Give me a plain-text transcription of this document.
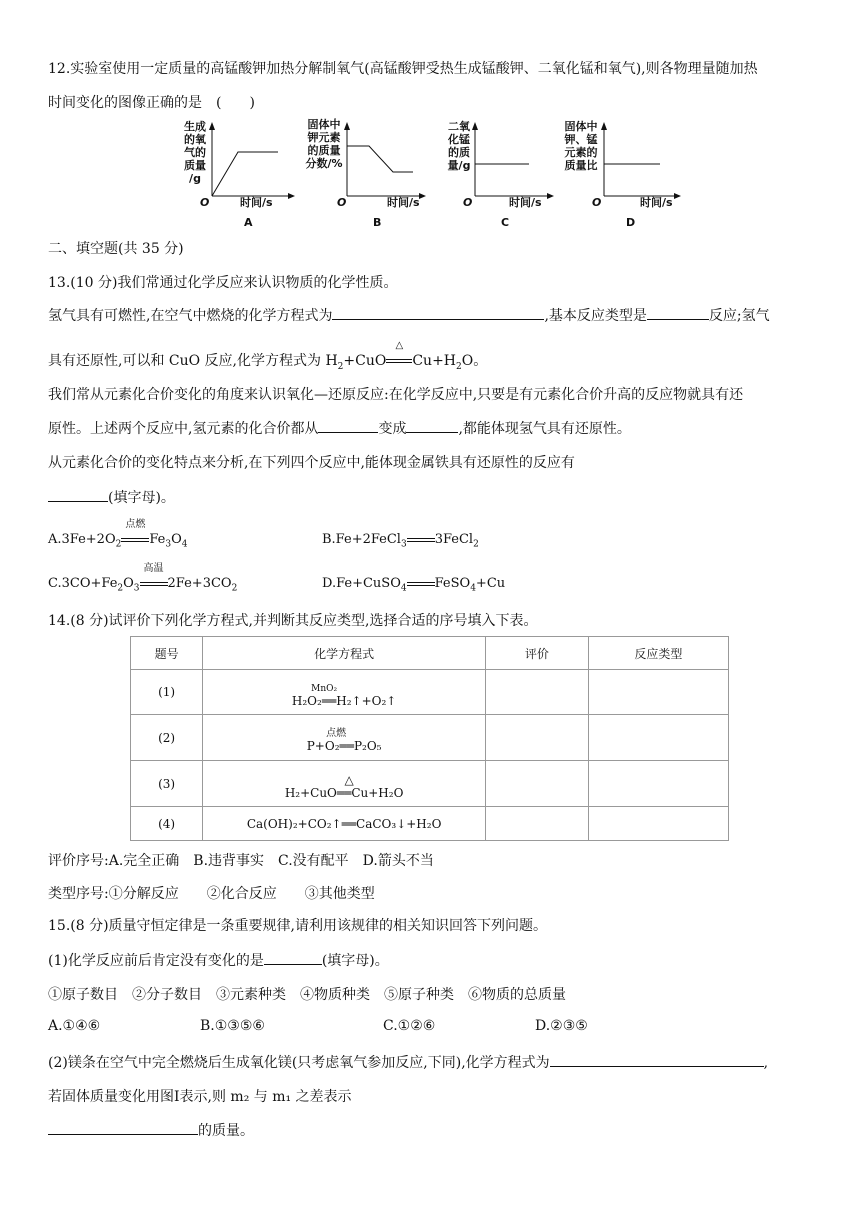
12.实验室使用一定质量的高锰酸钾加热分解制氧气(高锰酸钾受热生成锰酸钾、二氧化锰和氧气),则各物理量随加热
时间变化的图像正确的是　(　　)
生成
的氧
气的
质量
/g
O	时间/s
A
固体中
钾元素
的质量
分数/%
O	时间/s
B
二氧
化锰
的质
量/g
O	时间/s
C
固体中
钾、锰
元素的
质量比
O	时间/s
D
二、填空题(共 35 分)
13.(10 分)我们常通过化学反应来认识物质的化学性质。
氢气具有可燃性,在空气中燃烧的化学方程式为	,基本反应类型是	反应;氢气
具有还原性,可以和 CuO 反应,化学方程式为 $H_2+CuO$
△
$Cu+H_2O$。
我们常从元素化合价变化的角度来认识氧化—还原反应:在化学反应中,只要是有元素化合价升高的反应物就具有还
原性。上述两个反应中,氢元素的化合价都从	变成	,都能体现氢气具有还原性。
从元素化合价的变化特点来分析,在下列四个反应中,能体现金属铁具有还原性的反应有
(填字母)。
$A.3Fe+2O_2$
点燃
$Fe_3O_4$	B.Fe+2FeCl$_3$ 3FeCl$_2$
$C.3CO+Fe_2O_3$
高温
$2Fe+3CO_2$	D.Fe+CuSO$_4$ FeSO$_4$+Cu
14.(8 分)试评价下列化学方程式,并判断其反应类型,选择合适的序号填入下表。
题号	化学方程式	评价	反应类型
(1)	MnO₂
H₂O₂══H₂↑+O₂↑		

(2)	点燃
P+O₂══P₂O₅		

(3)	△
H₂+CuO══Cu+H₂O		

(4)	Ca(OH)₂+CO₂↑══CaCO₃↓+H₂O		

评价序号:A.完全正确　B.违背事实　C.没有配平　D.箭头不当
类型序号:①分解反应　　②化合反应　　③其他类型
15.(8 分)质量守恒定律是一条重要规律,请利用该规律的相关知识回答下列问题。
(1)化学反应前后肯定没有变化的是	(填字母)。
①原子数目　②分子数目　③元素种类　④物质种类　⑤原子种类　⑥物质的总质量
A.①④⑥	B.①③⑤⑥	C.①②⑥	D.②③⑤
(2)镁条在空气中完全燃烧后生成氧化镁(只考虑氧气参加反应,下同),化学方程式为	,
若固体质量变化用图Ⅰ表示,则 m₂ 与 m₁ 之差表示
的质量。
